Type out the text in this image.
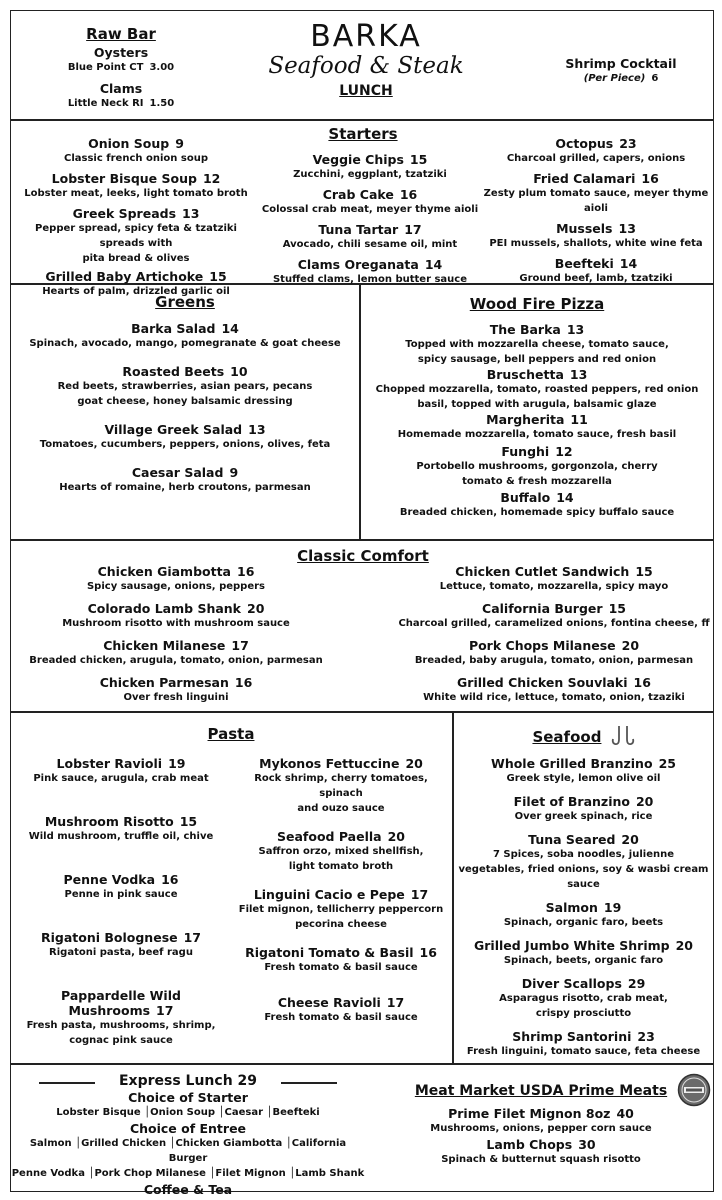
Raw Bar
Oysters
Blue Point CT 3.00
Clams
Little Neck RI 1.50
BARKA
Seafood & Steak
LUNCH
Shrimp Cocktail
(Per Piece) 6
Starters
Onion Soup 9
Classic french onion soup
Lobster Bisque Soup 12
Lobster meat, leeks, light tomato broth
Greek Spreads 13
Pepper spread, spicy feta & tzatziki spreads with
pita bread & olives
Grilled Baby Artichoke 15
Hearts of palm, drizzled garlic oil
Veggie Chips 15
Zucchini, eggplant, tzatziki
Crab Cake 16
Colossal crab meat, meyer thyme aioli
Tuna Tartar 17
Avocado, chili sesame oil, mint
Clams Oreganata 14
Stuffed clams, lemon butter sauce
Octopus 23
Charcoal grilled, capers, onions
Fried Calamari 16
Zesty plum tomato sauce, meyer thyme aioli
Mussels 13
PEI mussels, shallots, white wine feta
Beefteki 14
Ground beef, lamb, tzatziki
Greens
Barka Salad 14
Spinach, avocado, mango, pomegranate & goat cheese
Roasted Beets 10
Red beets, strawberries, asian pears, pecans
goat cheese, honey balsamic dressing
Village Greek Salad 13
Tomatoes, cucumbers, peppers, onions, olives, feta
Caesar Salad 9
Hearts of romaine, herb croutons, parmesan
Wood Fire Pizza
The Barka 13
Topped with mozzarella cheese, tomato sauce,
spicy sausage, bell peppers and red onion
Bruschetta 13
Chopped mozzarella, tomato, roasted peppers, red onion
basil, topped with arugula, balsamic glaze
Margherita 11
Homemade mozzarella, tomato sauce, fresh basil
Funghi 12
Portobello mushrooms, gorgonzola, cherry
tomato & fresh mozzarella
Buffalo 14
Breaded chicken, homemade spicy buffalo sauce
Classic Comfort
Chicken Giambotta 16
Spicy sausage, onions, peppers
Colorado Lamb Shank 20
Mushroom risotto with mushroom sauce
Chicken Milanese 17
Breaded chicken, arugula, tomato, onion, parmesan
Chicken Parmesan 16
Over fresh linguini
Chicken Cutlet Sandwich 15
Lettuce, tomato, mozzarella, spicy mayo
California Burger 15
Charcoal grilled, caramelized onions, fontina cheese, ff
Pork Chops Milanese 20
Breaded, baby arugula, tomato, onion, parmesan
Grilled Chicken Souvlaki 16
White wild rice, lettuce, tomato, onion, tzaziki
Pasta
Lobster Ravioli 19
Pink sauce, arugula, crab meat
Mushroom Risotto 15
Wild mushroom, truffle oil, chive
Penne Vodka 16
Penne in pink sauce
Rigatoni Bolognese 17
Rigatoni pasta, beef ragu
Pappardelle Wild Mushrooms 17
Fresh pasta, mushrooms, shrimp,
cognac pink sauce
Mykonos Fettuccine 20
Rock shrimp, cherry tomatoes, spinach
and ouzo sauce
Seafood Paella 20
Saffron orzo, mixed shellfish,
light tomato broth
Linguini Cacio e Pepe 17
Filet mignon, tellicherry peppercorn
pecorina cheese
Rigatoni Tomato & Basil 16
Fresh tomato & basil sauce
Cheese Ravioli 17
Fresh tomato & basil sauce
Seafood
Whole Grilled Branzino 25
Greek style, lemon olive oil
Filet of Branzino 20
Over greek spinach, rice
Tuna Seared 20
7 Spices, soba noodles, julienne
vegetables, fried onions, soy & wasbi cream sauce
Salmon 19
Spinach, organic faro, beets
Grilled Jumbo White Shrimp 20
Spinach, beets, organic faro
Diver Scallops 29
Asparagus risotto, crab meat,
crispy prosciutto
Shrimp Santorini 23
Fresh linguini, tomato sauce, feta cheese
Express Lunch 29
Choice of Starter
Lobster Bisque │Onion Soup │Caesar │Beefteki
Choice of Entree
Salmon │Grilled Chicken │Chicken Giambotta │California Burger
Penne Vodka │Pork Chop Milanese │Filet Mignon │Lamb Shank
Coffee & Tea
Meat Market USDA Prime Meats
Prime Filet Mignon 8oz 40
Mushrooms, onions, pepper corn sauce
Lamb Chops 30
Spinach & butternut squash risotto
